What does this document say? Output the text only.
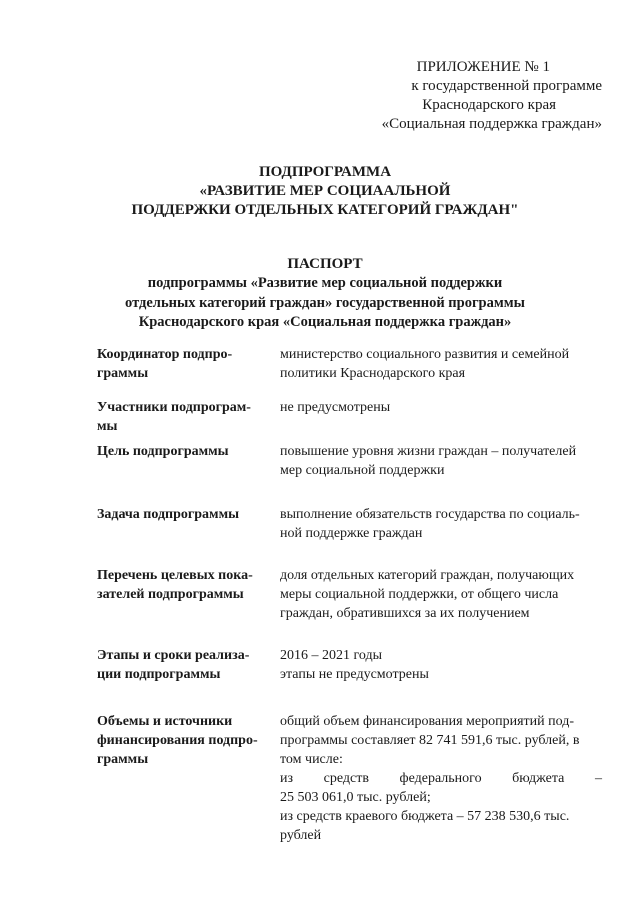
ПРИЛОЖЕНИЕ № 1
к государственной программе
Краснодарского края
«Социальная поддержка граждан»
ПОДПРОГРАММА
«РАЗВИТИЕ МЕР СОЦИААЛЬНОЙ
ПОДДЕРЖКИ ОТДЕЛЬНЫХ КАТЕГОРИЙ ГРАЖДАН"
ПАСПОРТ
подпрограммы «Развитие мер социальной поддержки
отдельных категорий граждан» государственной программы
Краснодарского края «Социальная поддержка граждан»
Координатор подпро-
граммы

министерство социального развития и семейной

политики Краснодарского края

Участники подпрограм-
мы

не предусмотрены

Цель подпрограммы	повышение уровня жизни граждан – получателей

мер социальной поддержки

Задача подпрограммы	выполнение обязательств государства по социаль-

ной поддержке граждан

Перечень целевых пока-
зателей подпрограммы

доля отдельных категорий граждан, получающих

меры социальной поддержки, от общего числа

граждан, обратившихся за их получением

Этапы и сроки реализа-
ции подпрограммы

2016 – 2021 годы

этапы не предусмотрены

Объемы и источники
финансирования подпро-
граммы

общий объем финансирования мероприятий под-

программы составляет 82 741 591,6 тыс. рублей, в

том числе:

из средств федерального бюджета –

25 503 061,0 тыс. рублей;

из средств краевого бюджета – 57 238 530,6 тыс.

рублей
